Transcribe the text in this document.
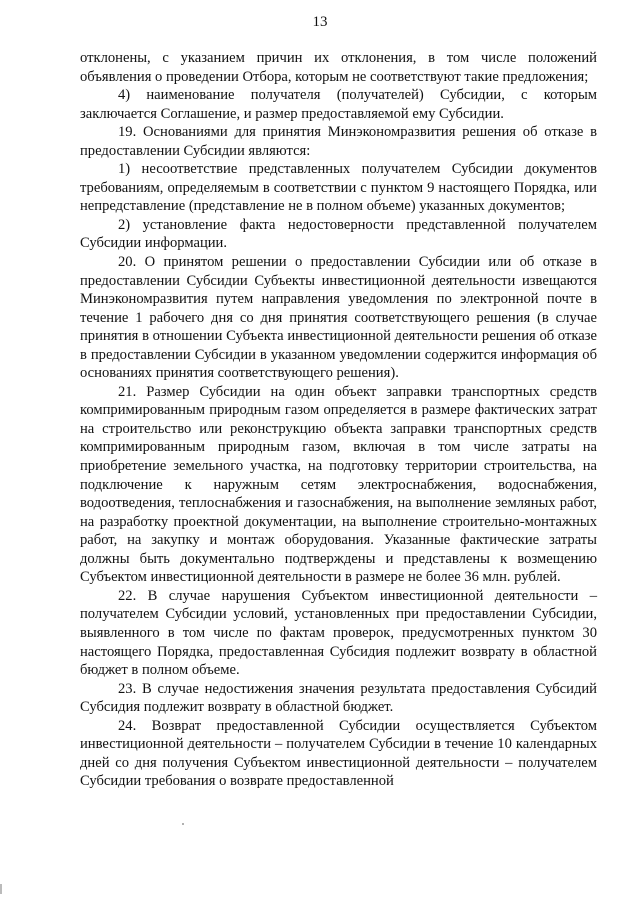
13

отклонены, с указанием причин их отклонения, в том числе положений объявления о проведении Отбора, которым не соответствуют такие предложения;

4) наименование получателя (получателей) Субсидии, с которым заключается Соглашение, и размер предоставляемой ему Субсидии.

19. Основаниями для принятия Минэкономразвития решения об отказе в предоставлении Субсидии являются:

1) несоответствие представленных получателем Субсидии документов требованиям, определяемым в соответствии с пунктом 9 настоящего Порядка, или непредставление (представление не в полном объеме) указанных документов;

2) установление факта недостоверности представленной получателем Субсидии информации.

20. О принятом решении о предоставлении Субсидии или об отказе в предоставлении Субсидии Субъекты инвестиционной деятельности извещаются Минэкономразвития путем направления уведомления по электронной почте в течение 1 рабочего дня со дня принятия соответствующего решения (в случае принятия в отношении Субъекта инвестиционной деятельности решения об отказе в предоставлении Субсидии в указанном уведомлении содержится информация об основаниях принятия соответствующего решения).

21. Размер Субсидии на один объект заправки транспортных средств компримированным природным газом определяется в размере фактических затрат на строительство или реконструкцию объекта заправки транспортных средств компримированным природным газом, включая в том числе затраты на приобретение земельного участка, на подготовку территории строительства, на подключение к наружным сетям электроснабжения, водоснабжения, водоотведения, теплоснабжения и газоснабжения, на выполнение земляных работ, на разработку проектной документации, на выполнение строительно-монтажных работ, на закупку и монтаж оборудования. Указанные фактические затраты должны быть документально подтверждены и представлены к возмещению Субъектом инвестиционной деятельности в размере не более 36 млн. рублей.

22. В случае нарушения Субъектом инвестиционной деятельности – получателем Субсидии условий, установленных при предоставлении Субсидии, выявленного в том числе по фактам проверок, предусмотренных пунктом 30 настоящего Порядка, предоставленная Субсидия подлежит возврату в областной бюджет в полном объеме.

23. В случае недостижения значения результата предоставления Субсидий Субсидия подлежит возврату в областной бюджет.

24. Возврат предоставленной Субсидии осуществляется Субъектом инвестиционной деятельности – получателем Субсидии в течение 10 календарных дней со дня получения Субъектом инвестиционной деятельности – получателем Субсидии требования о возврате предоставленной
